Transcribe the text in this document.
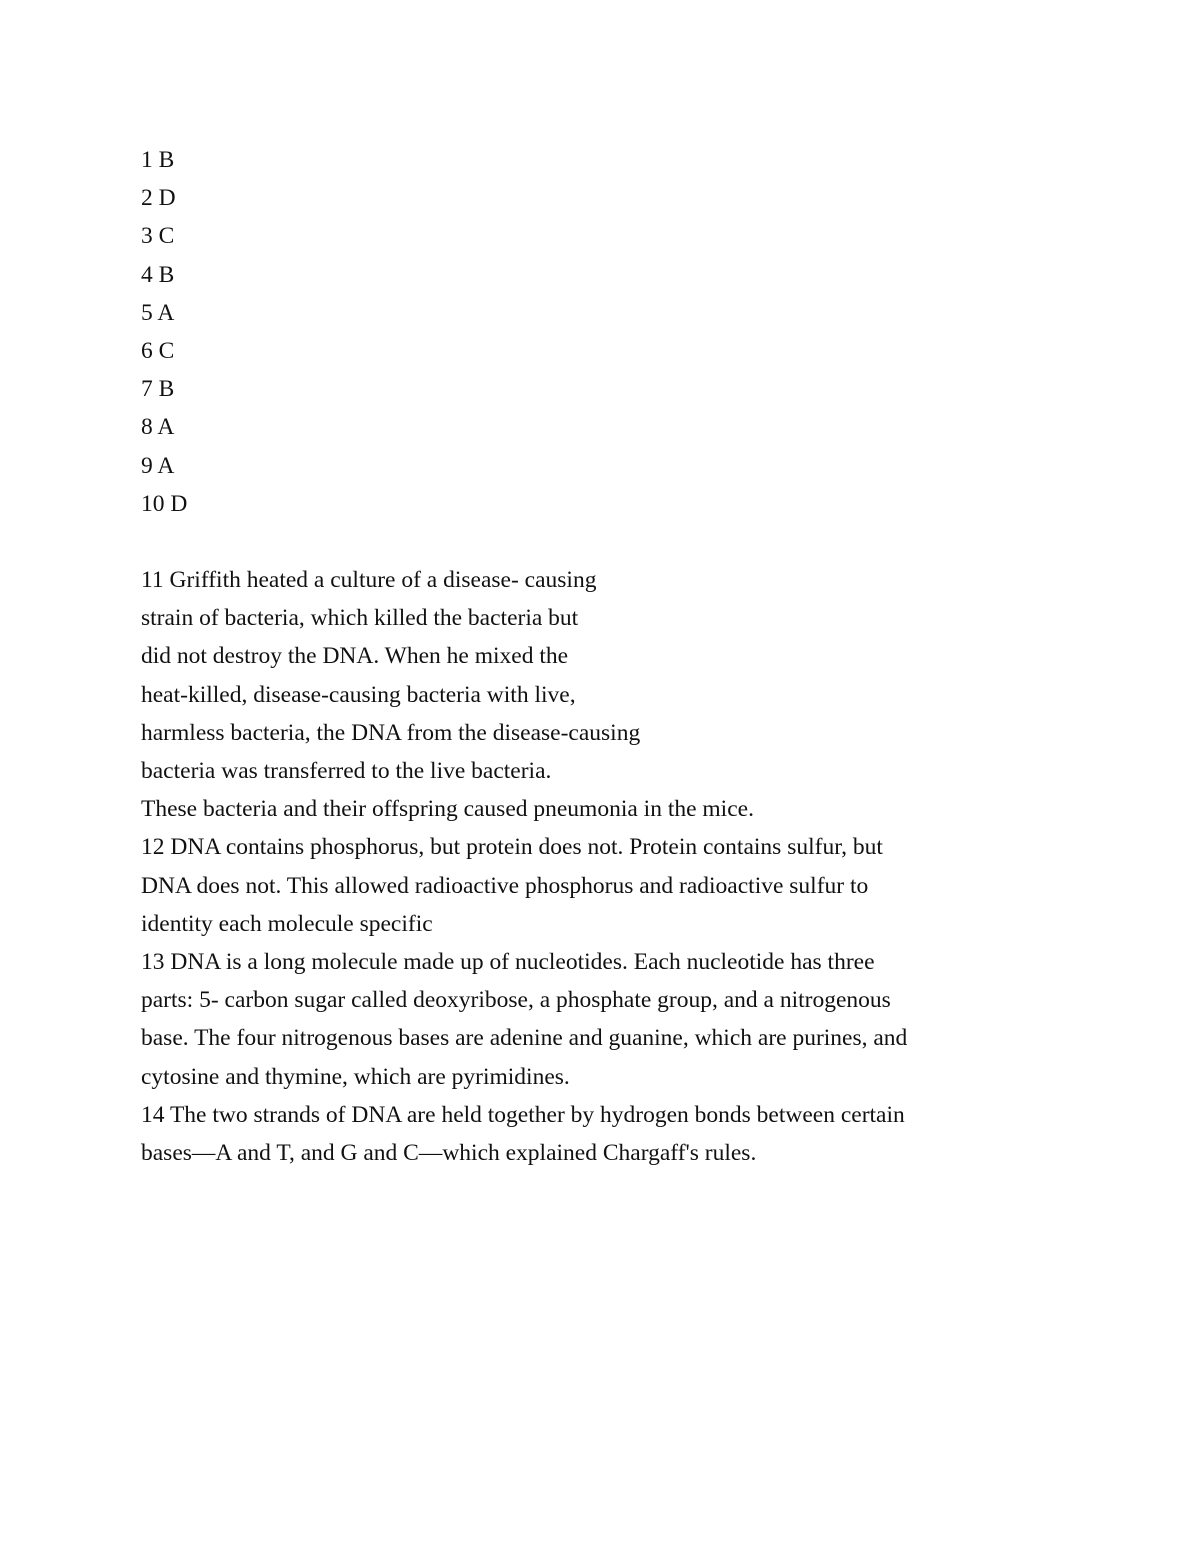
1 B
2 D
3 C
4 B
5 A
6 C
7 B
8 A
9 A
10 D
11 Griffith heated a culture of a disease- causing
strain of bacteria, which killed the bacteria but
did not destroy the DNA. When he mixed the
heat-killed, disease-causing bacteria with live,
harmless bacteria, the DNA from the disease-causing
bacteria was transferred to the live bacteria.
These bacteria and their offspring caused pneumonia in the mice.
12 DNA contains phosphorus, but protein does not. Protein contains sulfur, but
DNA does not. This allowed radioactive phosphorus and radioactive sulfur to
identity each molecule specific
13 DNA is a long molecule made up of nucleotides. Each nucleotide has three
parts: 5- carbon sugar called deoxyribose, a phosphate group, and a nitrogenous
base. The four nitrogenous bases are adenine and guanine, which are purines, and
cytosine and thymine, which are pyrimidines.
14 The two strands of DNA are held together by hydrogen bonds between certain
bases—A and T, and G and C—which explained Chargaff's rules.
